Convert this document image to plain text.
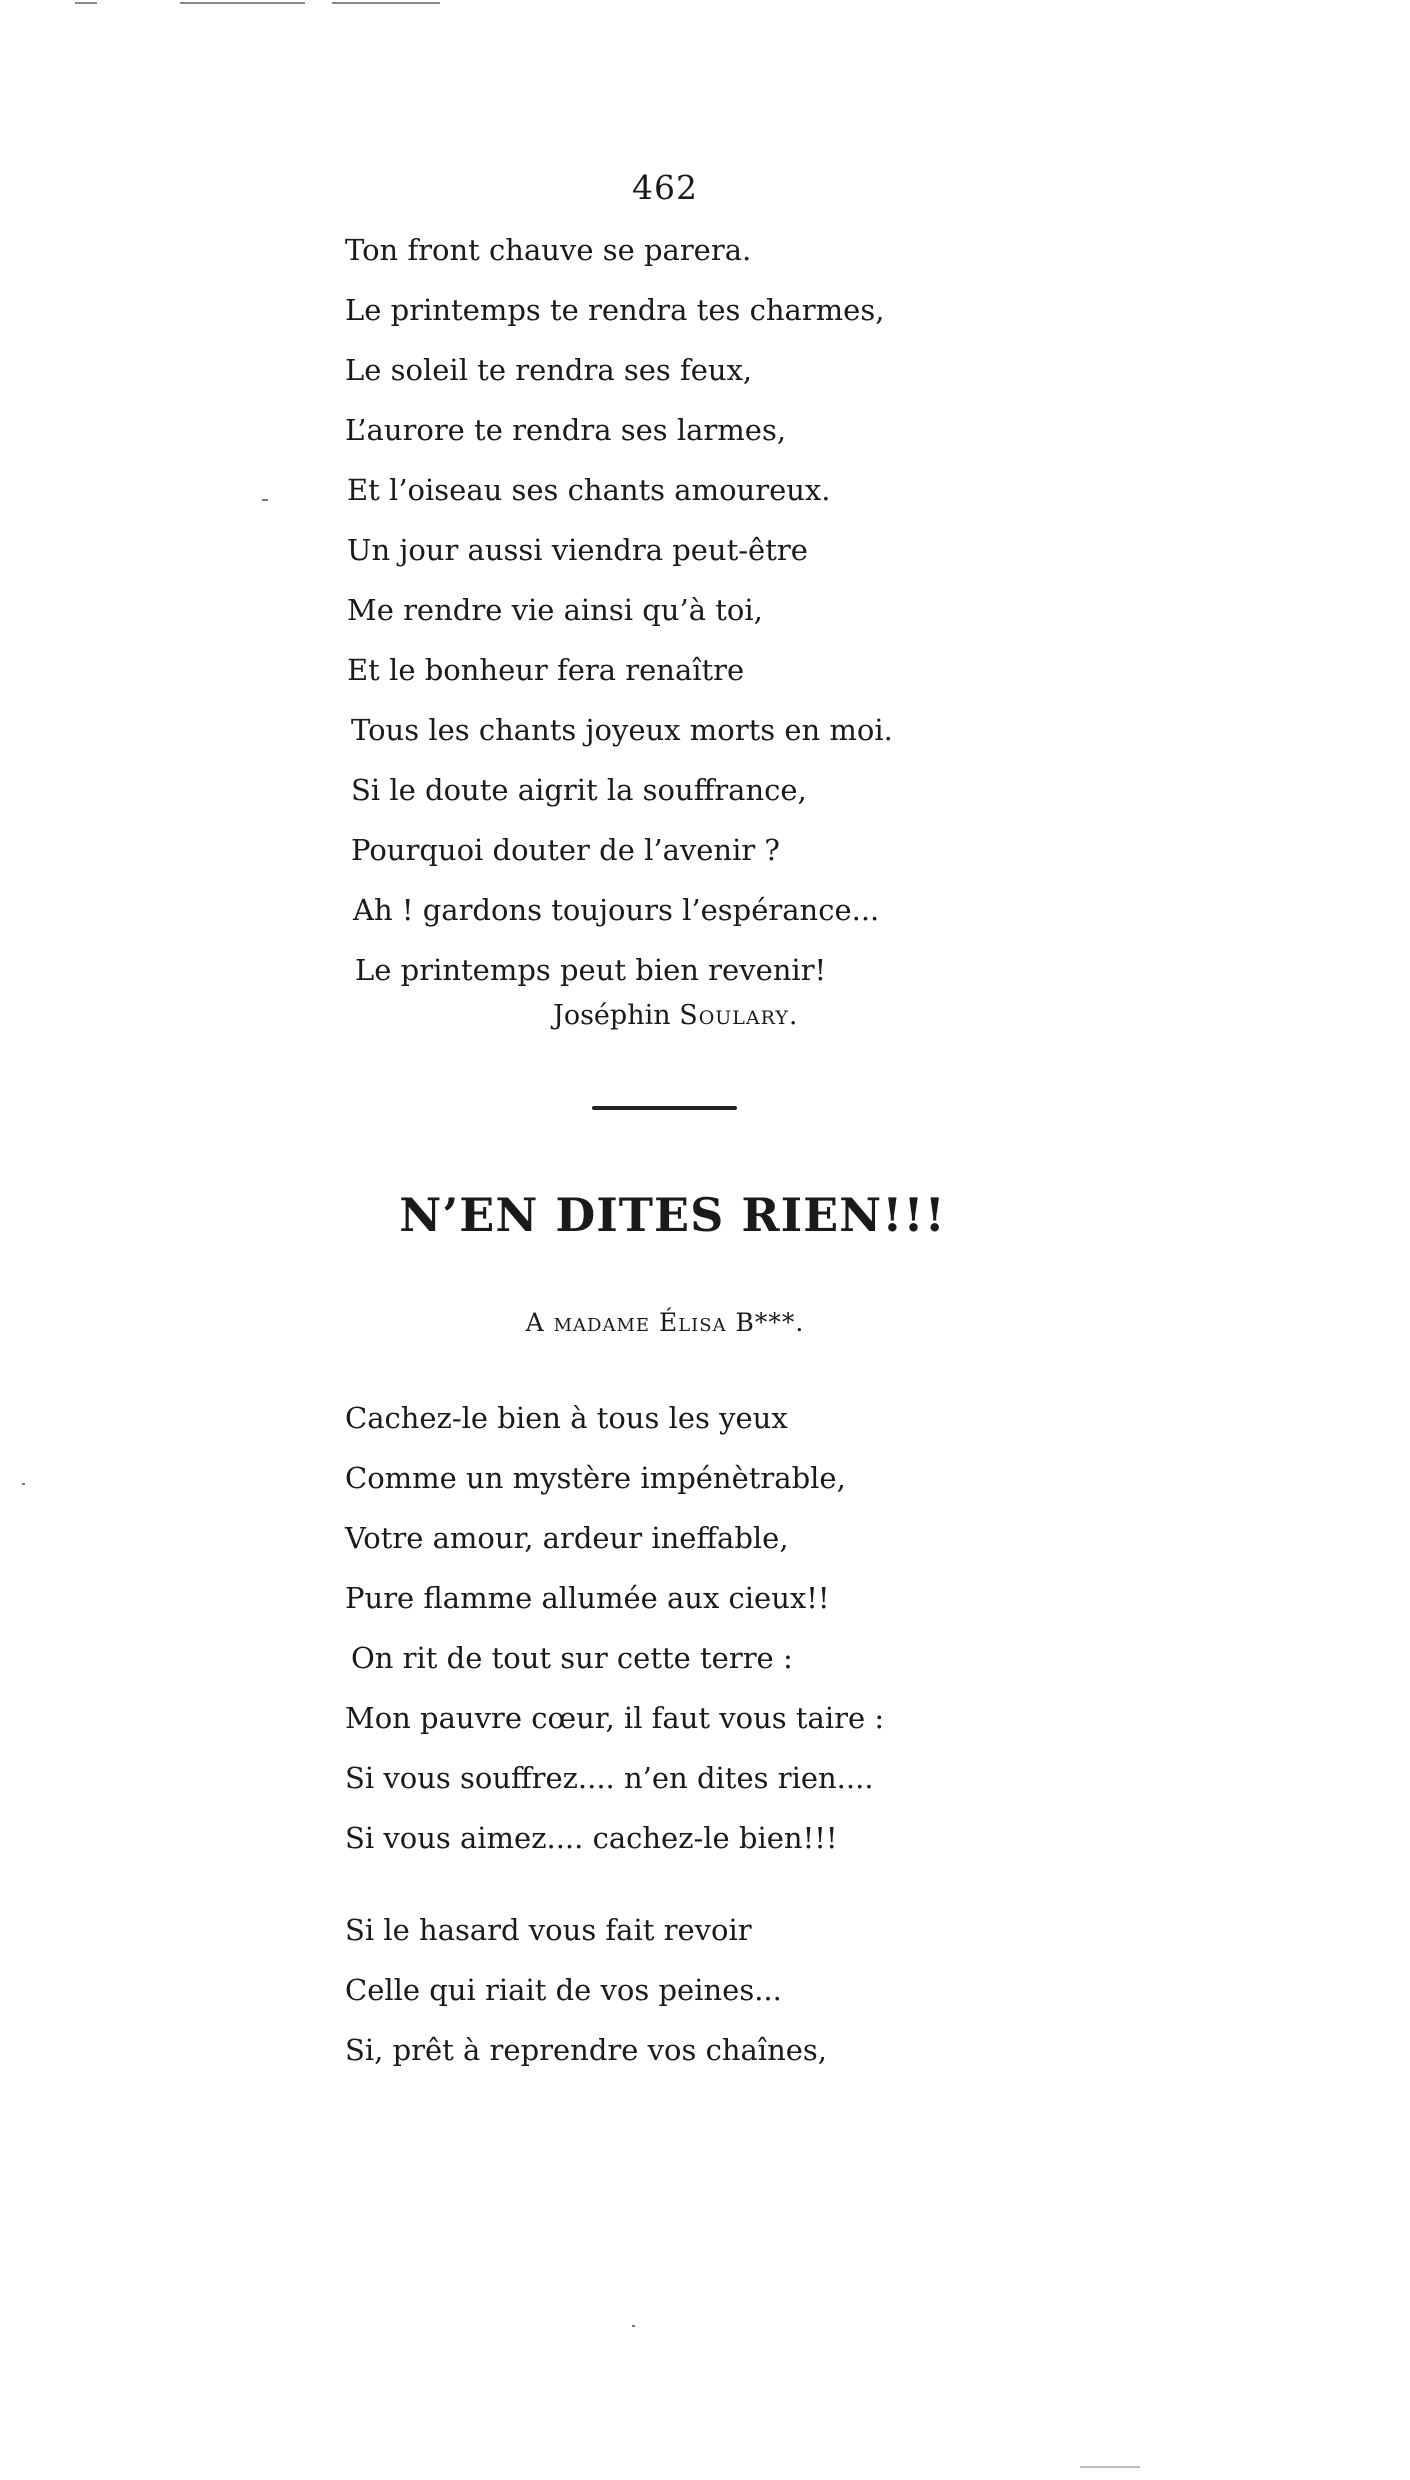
462
Ton front chauve se parera.
Le printemps te rendra tes charmes,
Le soleil te rendra ses feux,
L’aurore te rendra ses larmes,
Et l’oiseau ses chants amoureux.
Un jour aussi viendra peut-être
Me rendre vie ainsi qu’à toi,
Et le bonheur fera renaître
Tous les chants joyeux morts en moi.
Si le doute aigrit la souffrance,
Pourquoi douter de l’avenir ?
Ah ! gardons toujours l’espérance...
Le printemps peut bien revenir!
Joséphin Soulary.
N’EN DITES RIEN!!!
A madame Élisa B***.
Cachez-le bien à tous les yeux
Comme un mystère impénètrable,
Votre amour, ardeur ineffable,
Pure flamme allumée aux cieux!!
On rit de tout sur cette terre :
Mon pauvre cœur, il faut vous taire :
Si vous souffrez.... n’en dites rien....
Si vous aimez.... cachez-le bien!!!
Si le hasard vous fait revoir
Celle qui riait de vos peines...
Si, prêt à reprendre vos chaînes,
